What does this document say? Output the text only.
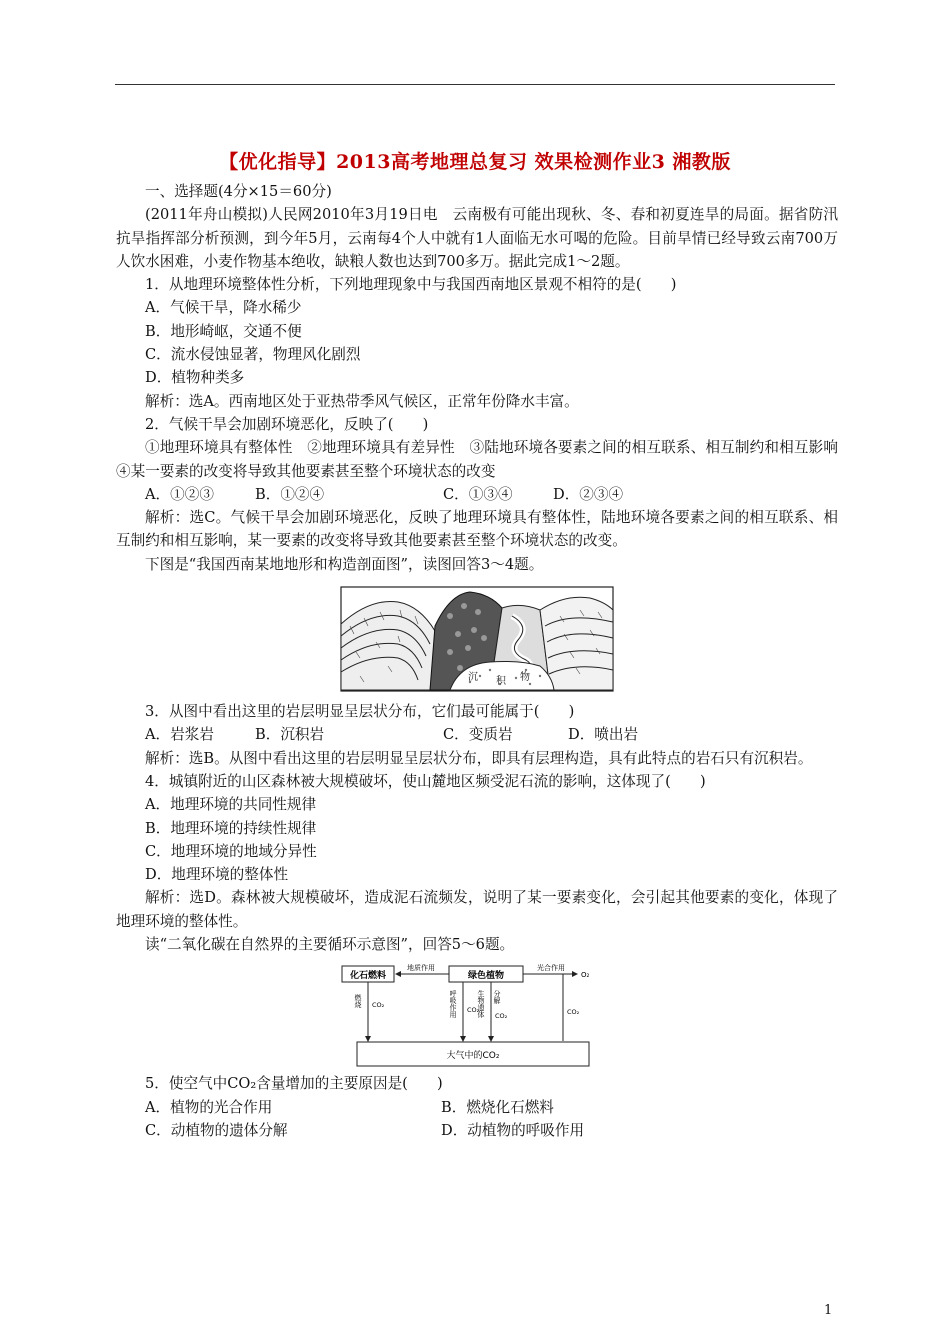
【优化指导】2013高考地理总复习 效果检测作业3 湘教版

一、选择题(4分×15＝60分)

(2011年舟山模拟)人民网2010年3月19日电　云南极有可能出现秋、冬、春和初夏连旱的局面。据省防汛抗旱指挥部分析预测，到今年5月，云南每4个人中就有1人面临无水可喝的危险。目前旱情已经导致云南700万人饮水困难，小麦作物基本绝收，缺粮人数也达到700多万。据此完成1～2题。

1．从地理环境整体性分析，下列地理现象中与我国西南地区景观不相符的是(　　)

A．气候干旱，降水稀少

B．地形崎岖，交通不便

C．流水侵蚀显著，物理风化剧烈

D．植物种类多

解析：选A。西南地区处于亚热带季风气候区，正常年份降水丰富。

2．气候干旱会加剧环境恶化，反映了(　　)

①地理环境具有整体性　②地理环境具有差异性　③陆地环境各要素之间的相互联系、相互制约和相互影响　④某一要素的改变将导致其他要素甚至整个环境状态的改变

A．①②③	B．①②④	C．①③④	D．②③④

解析：选C。气候干旱会加剧环境恶化，反映了地理环境具有整体性，陆地环境各要素之间的相互联系、相互制约和相互影响，某一要素的改变将导致其他要素甚至整个环境状态的改变。

下图是“我国西南某地地形和构造剖面图”，读图回答3～4题。

沉 积 物

3．从图中看出这里的岩层明显呈层状分布，它们最可能属于(　　)

A．岩浆岩	B．沉积岩	C．变质岩	D．喷出岩

解析：选B。从图中看出这里的岩层明显呈层状分布，即具有层理构造，具有此特点的岩石只有沉积岩。

4．城镇附近的山区森林被大规模破坏，使山麓地区频受泥石流的影响，这体现了(　　)

A．地理环境的共同性规律

B．地理环境的持续性规律

C．地理环境的地域分异性

D．地理环境的整体性

解析：选D。森林被大规模破坏，造成泥石流频发，说明了某一要素变化，会引起其他要素的变化，体现了地理环境的整体性。

读“二氧化碳在自然界的主要循环示意图”，回答5～6题。

化石燃料	绿色植物
大气中的CO₂
地质作用	光合作用
O₂
燃烧 CO₂	呼吸作用 CO₂
生物遗体 分解
CO₂	CO₂

5．使空气中CO₂含量增加的主要原因是(　　)

A．植物的光合作用	B．燃烧化石燃料
C．动植物的遗体分解	D．动植物的呼吸作用
1
